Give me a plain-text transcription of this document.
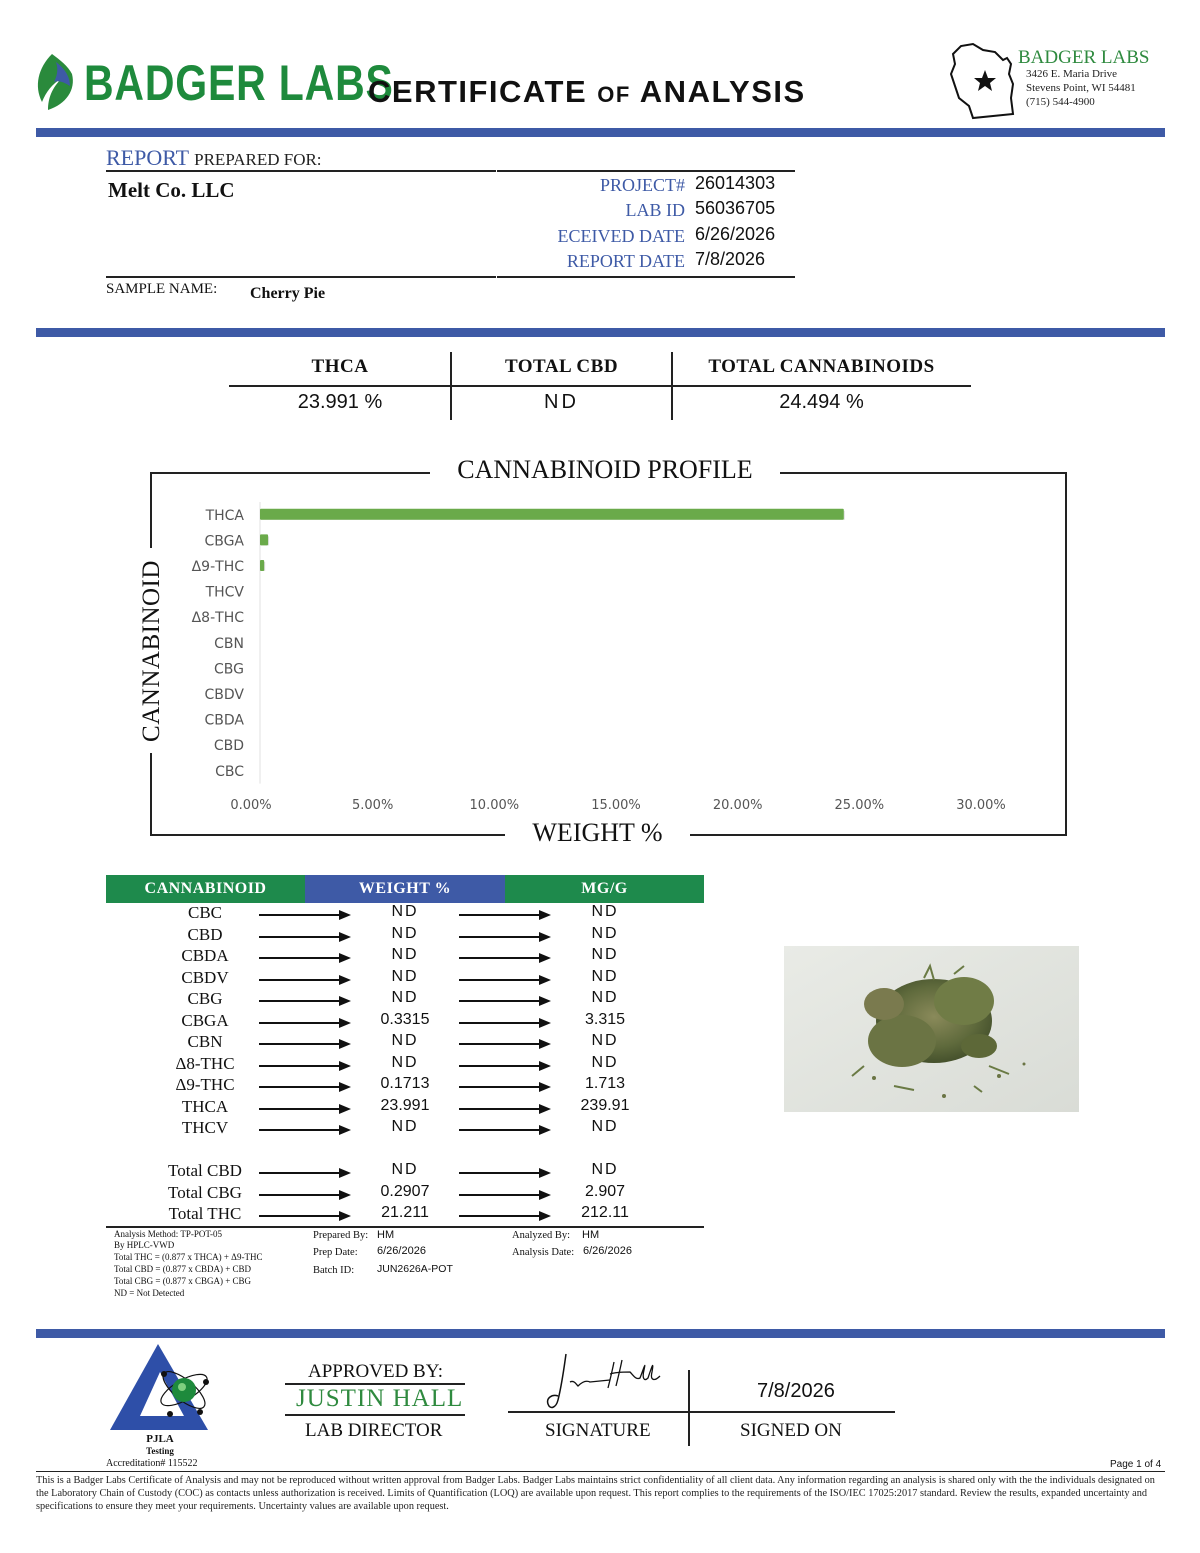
BADGER LABS
CERTIFICATE OF ANALYSIS
BADGER LABS
3426 E. Maria Drive
Stevens Point, WI 54481
(715) 544-4900
REPORT PREPARED FOR:
Melt Co. LLC	PROJECT# 26014303
LAB ID 56036705
ECEIVED DATE 6/26/2026
REPORT DATE 7/8/2026
SAMPLE NAME: Cherry Pie
THCA	TOTAL CBD	TOTAL CANNABINOIDS
23.991 %	ND	24.494 %
THCA
CBGA
Δ9-THC
THCV
Δ8-THC
CBN
CBG
CBDV
CBDA
CBD
CBC
0.00%	5.00%	10.00%	15.00%	20.00%	25.00%	30.00%
CANNABINOID PROFILE
WEIGHT %
CANNABINOID
CANNABINOID	WEIGHT %	MG/G
CBC	ND	ND
CBD	ND	ND
CBDA	ND	ND
CBDV	ND	ND
CBG	ND	ND
CBGA	0.3315	3.315
CBN	ND	ND
Δ8-THC	ND	ND
Δ9-THC	0.1713	1.713
THCA	23.991	239.91
THCV	ND	ND
Total CBD	ND	ND
Total CBG	0.2907	2.907
Total THC	21.211	212.11
Analysis Method: TP-POT-05
By HPLC-VWD
Total THC = (0.877 x THCA) + Δ9-THC
Total CBD = (0.877 x CBDA) + CBD
Total CBG = (0.877 x CBGA) + CBG
ND = Not Detected
Prepared By: HM
Prep Date: 6/26/2026
Batch ID: JUN2626A-POT
Analyzed By: HM
Analysis Date: 6/26/2026
PJLA
Testing
Accreditation# 115522
APPROVED BY:
JUSTIN HALL
LAB DIRECTOR
7/8/2026
SIGNATURE	SIGNED ON
Page 1 of 4
This is a Badger Labs Certificate of Analysis and may not be reproduced without written approval from Badger Labs. Badger Labs maintains strict confidentiality of all client data. Any information regarding an analysis is shared only with the the individuals designated on the Laboratory Chain of Custody (COC) as contacts unless authorization is received. Limits of Quantification (LOQ) are available upon request. This report complies to the requirements of the ISO/IEC 17025:2017 standard. Review the results, expanded uncertainty and specifications to ensure they meet your requirements. Uncertainty values are available upon request.
